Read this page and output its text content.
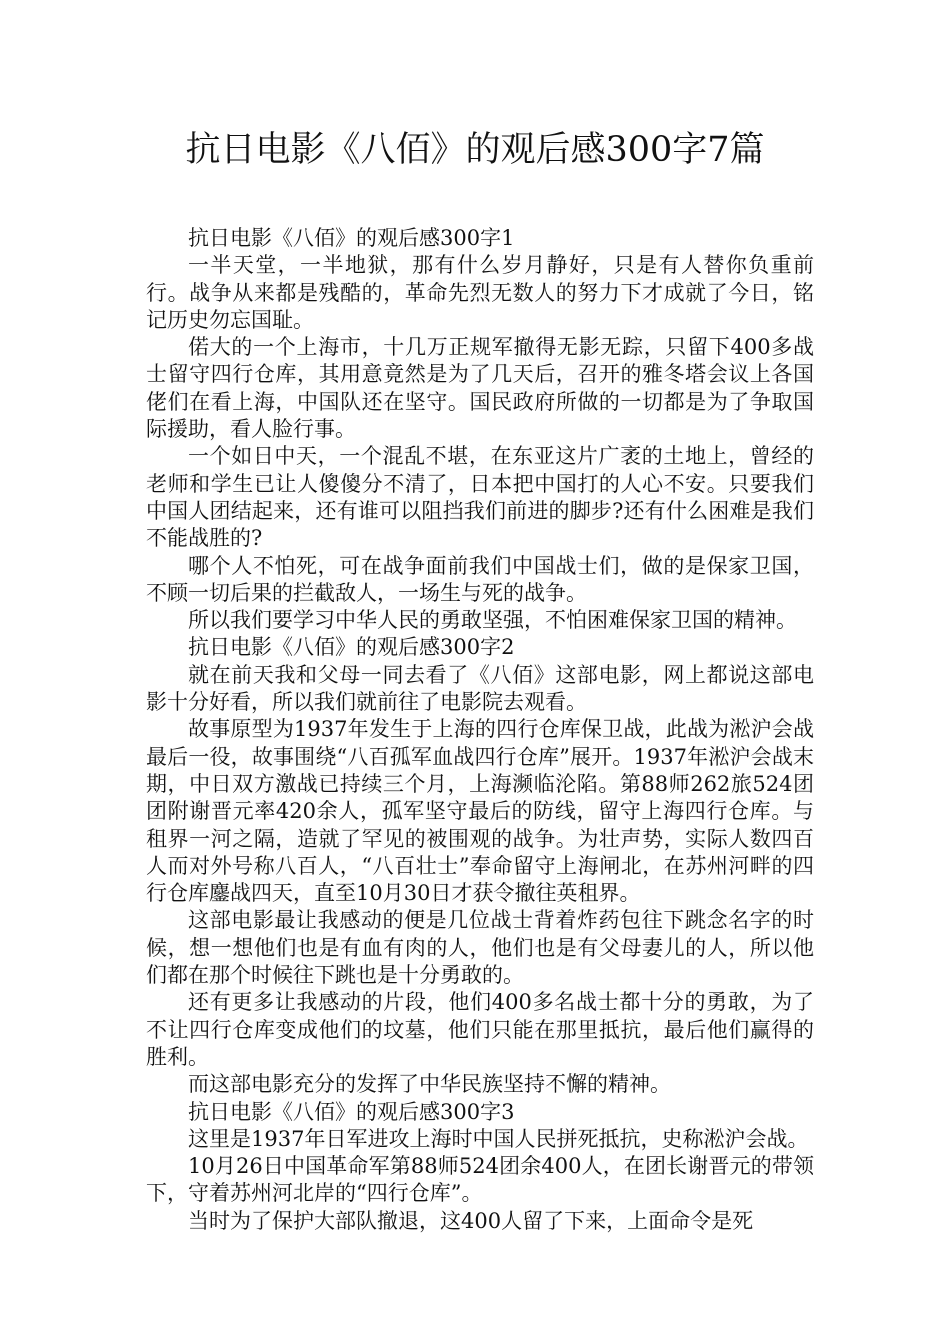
抗日电影《八佰》的观后感300字7篇

抗日电影《八佰》的观后感300字1

一半天堂，一半地狱，那有什么岁月静好，只是有人替你负重前行。战争从来都是残酷的，革命先烈无数人的努力下才成就了今日，铭记历史勿忘国耻。

偌大的一个上海市，十几万正规军撤得无影无踪，只留下400多战士留守四行仓库，其用意竟然是为了几天后，召开的雅冬塔会议上各国佬们在看上海，中国队还在坚守。国民政府所做的一切都是为了争取国际援助，看人脸行事。

一个如日中天，一个混乱不堪，在东亚这片广袤的土地上，曾经的老师和学生已让人傻傻分不清了，日本把中国打的人心不安。只要我们中国人团结起来，还有谁可以阻挡我们前进的脚步?还有什么困难是我们不能战胜的?

哪个人不怕死，可在战争面前我们中国战士们，做的是保家卫国，不顾一切后果的拦截敌人，一场生与死的战争。

所以我们要学习中华人民的勇敢坚强，不怕困难保家卫国的精神。

抗日电影《八佰》的观后感300字2

就在前天我和父母一同去看了《八佰》这部电影，网上都说这部电影十分好看，所以我们就前往了电影院去观看。

故事原型为1937年发生于上海的四行仓库保卫战，此战为淞沪会战最后一役，故事围绕“八百孤军血战四行仓库”展开。1937年淞沪会战末期，中日双方激战已持续三个月，上海濒临沦陷。第88师262旅524团团附谢晋元率420余人，孤军坚守最后的防线，留守上海四行仓库。与租界一河之隔，造就了罕见的被围观的战争。为壮声势，实际人数四百人而对外号称八百人，“八百壮士”奉命留守上海闸北，在苏州河畔的四行仓库鏖战四天，直至10月30日才获令撤往英租界。

这部电影最让我感动的便是几位战士背着炸药包往下跳念名字的时候，想一想他们也是有血有肉的人，他们也是有父母妻儿的人，所以他们都在那个时候往下跳也是十分勇敢的。

还有更多让我感动的片段，他们400多名战士都十分的勇敢，为了不让四行仓库变成他们的坟墓，他们只能在那里抵抗，最后他们赢得的胜利。

而这部电影充分的发挥了中华民族坚持不懈的精神。

抗日电影《八佰》的观后感300字3

这里是1937年日军进攻上海时中国人民拼死抵抗，史称淞沪会战。

10月26日中国革命军第88师524团余400人，在团长谢晋元的带领下，守着苏州河北岸的“四行仓库”。

当时为了保护大部队撤退，这400人留了下来，上面命令是死
